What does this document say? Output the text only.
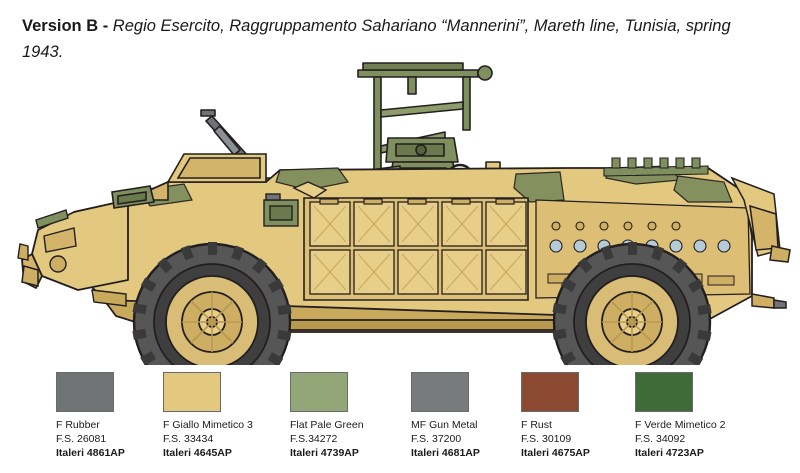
Version B - Regio Esercito, Raggruppamento Sahariano “Mannerini”, Mareth line, Tunisia, spring 1943.
F Rubber
F.S. 26081
Italeri 4861AP
F Giallo Mimetico 3
F.S. 33434
Italeri 4645AP
Flat Pale Green
F.S.34272
Italeri 4739AP
MF Gun Metal
F.S. 37200
Italeri 4681AP
F Rust
F.S. 30109
Italeri 4675AP
F Verde Mimetico 2
F.S. 34092
Italeri 4723AP
